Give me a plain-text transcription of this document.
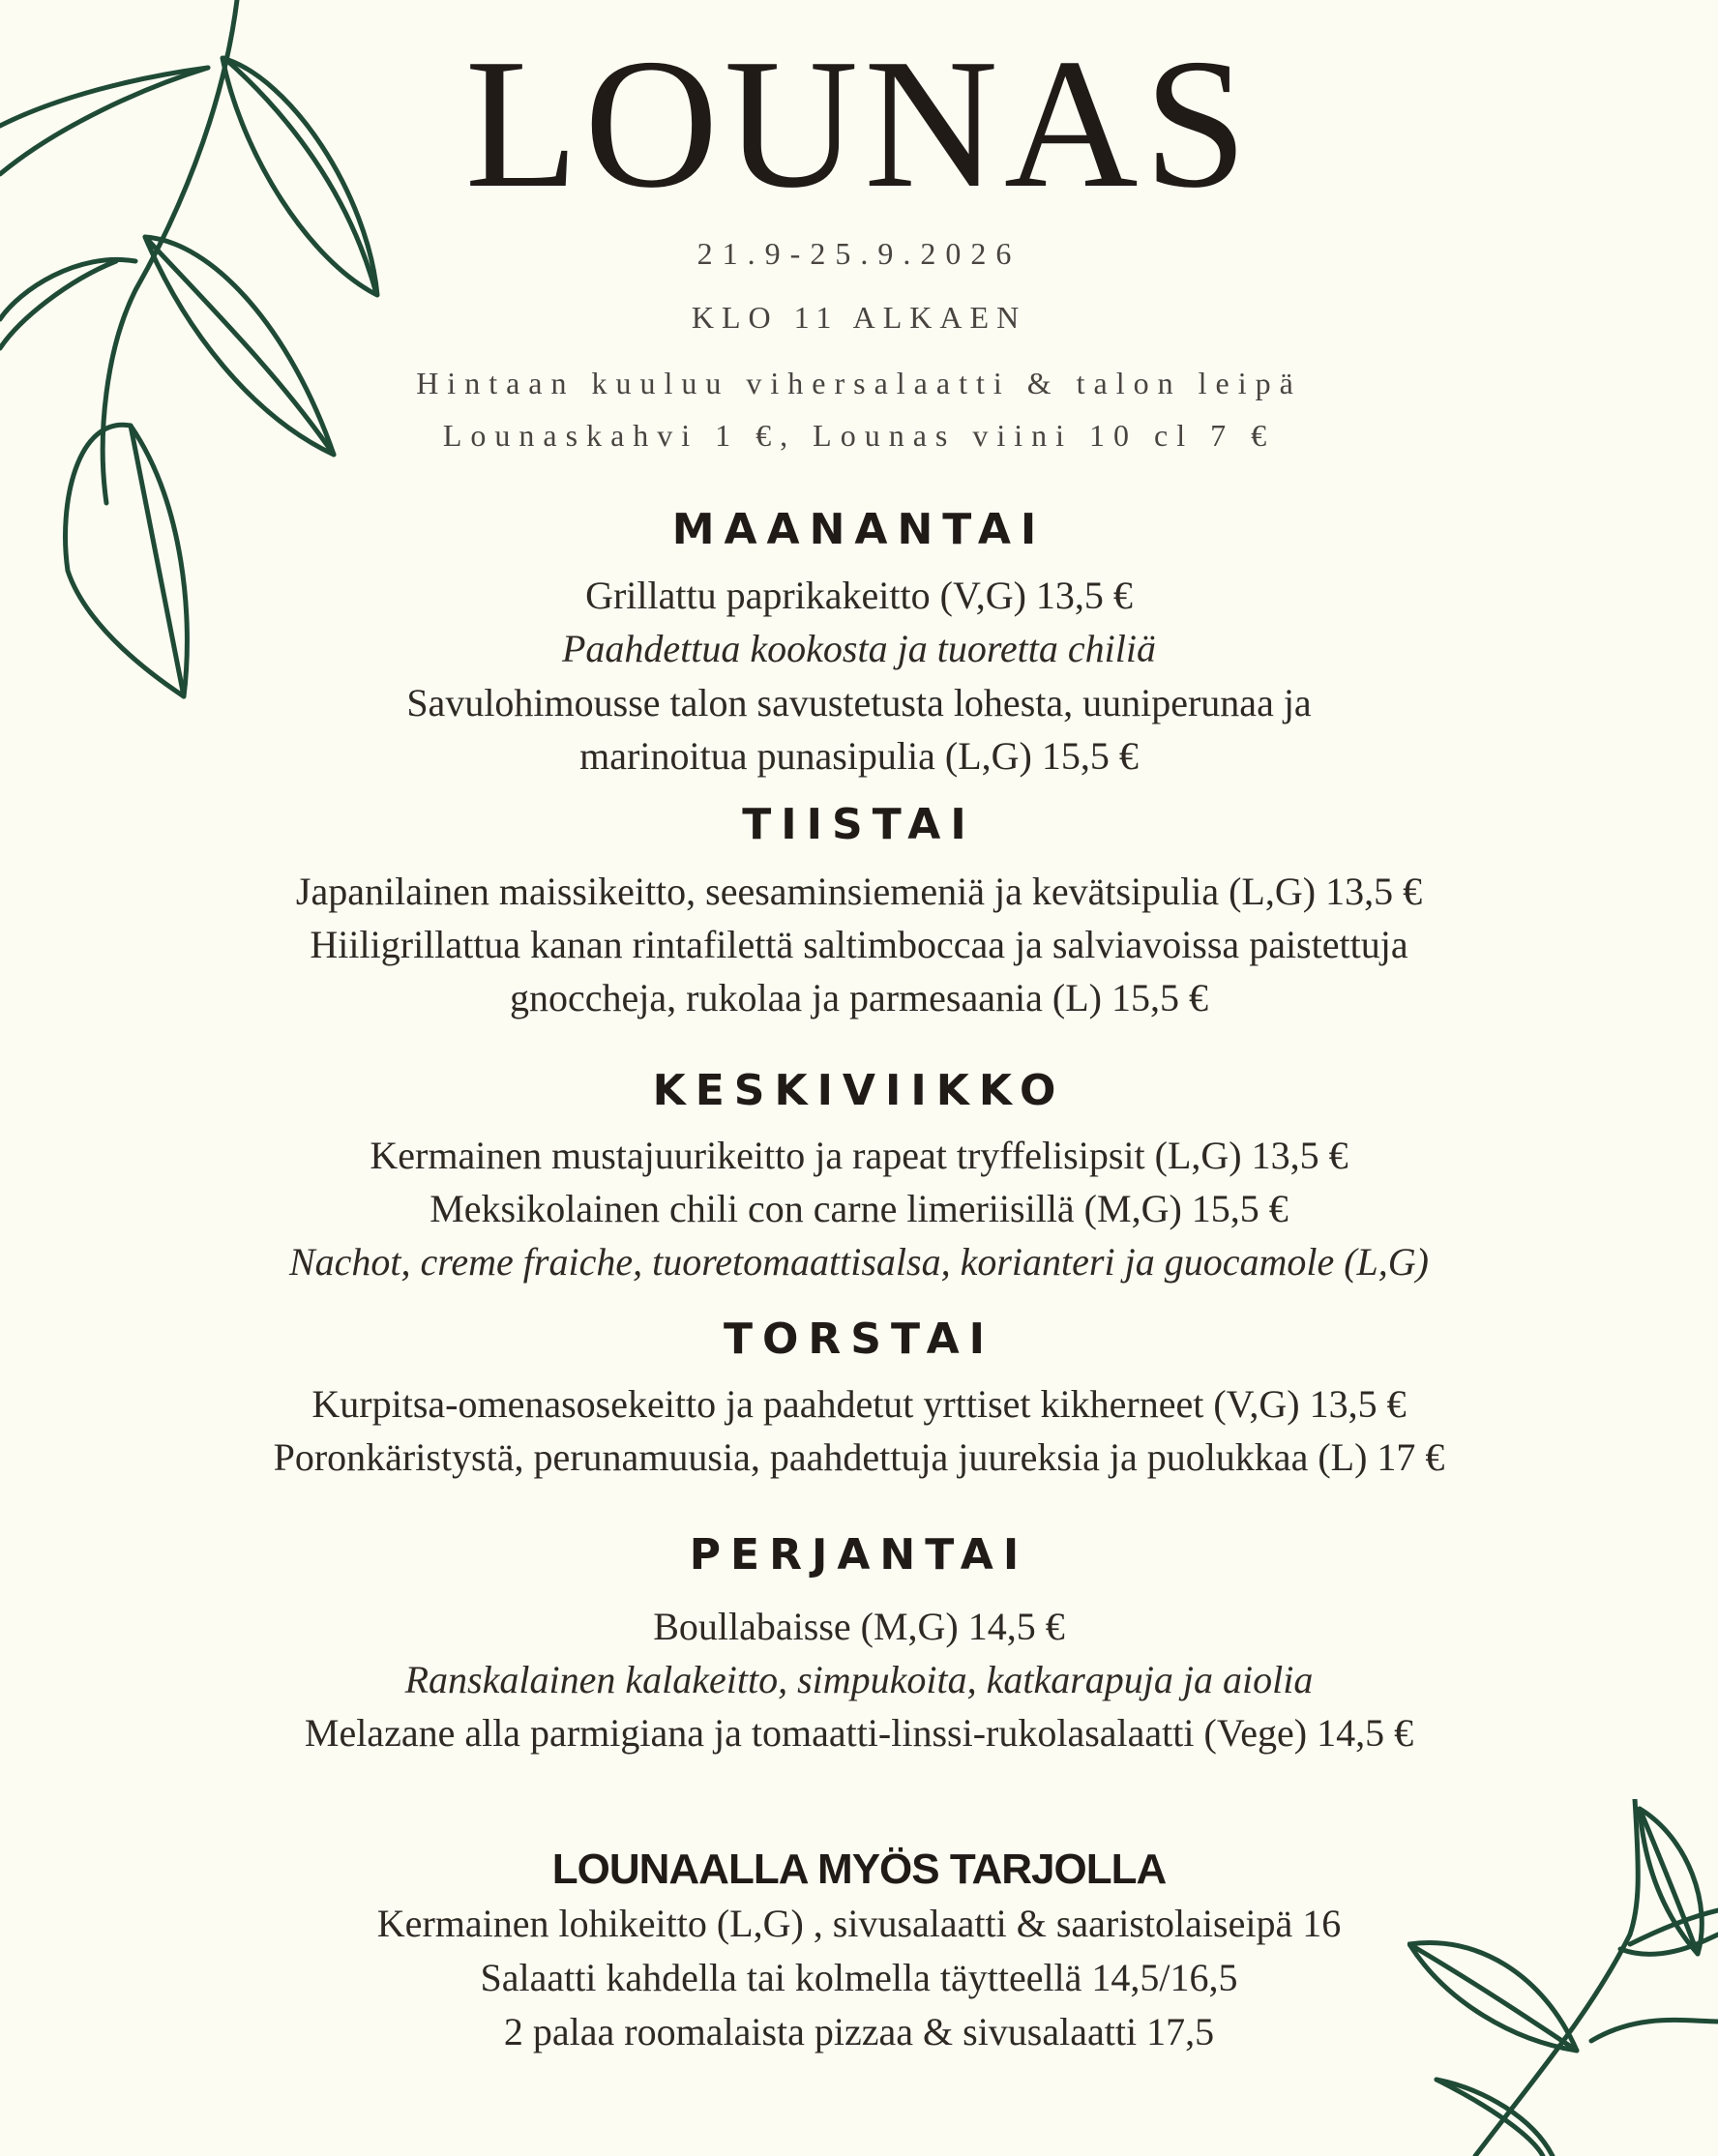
LOUNAS
21.9-25.9.2026
KLO 11 ALKAEN
Hintaan kuuluu vihersalaatti & talon leipä
Lounaskahvi 1 €, Lounas viini 10 cl 7 €
MAANANTAI
Grillattu paprikakeitto (V,G) 13,5 €
Paahdettua kookosta ja tuoretta chiliä
Savulohimousse talon savustetusta lohesta, uuniperunaa ja
marinoitua punasipulia (L,G) 15,5 €
TIISTAI
Japanilainen maissikeitto, seesaminsiemeniä ja kevätsipulia (L,G) 13,5 €
Hiiligrillattua kanan rintafilettä saltimboccaa ja salviavoissa paistettuja
gnoccheja, rukolaa ja parmesaania (L) 15,5 €
KESKIVIIKKO
Kermainen mustajuurikeitto ja rapeat tryffelisipsit (L,G) 13,5 €
Meksikolainen chili con carne limeriisillä (M,G) 15,5 €
Nachot, creme fraiche, tuoretomaattisalsa, korianteri ja guocamole (L,G)
TORSTAI
Kurpitsa-omenasosekeitto ja paahdetut yrttiset kikherneet (V,G) 13,5 €
Poronkäristystä, perunamuusia, paahdettuja juureksia ja puolukkaa (L) 17 €
PERJANTAI
Boullabaisse (M,G) 14,5 €
Ranskalainen kalakeitto, simpukoita, katkarapuja ja aiolia
Melazane alla parmigiana ja tomaatti-linssi-rukolasalaatti (Vege) 14,5 €
LOUNAALLA MYÖS TARJOLLA
Kermainen lohikeitto (L,G) , sivusalaatti & saaristolaiseipä 16
Salaatti kahdella tai kolmella täytteellä 14,5/16,5
2 palaa roomalaista pizzaa & sivusalaatti 17,5
